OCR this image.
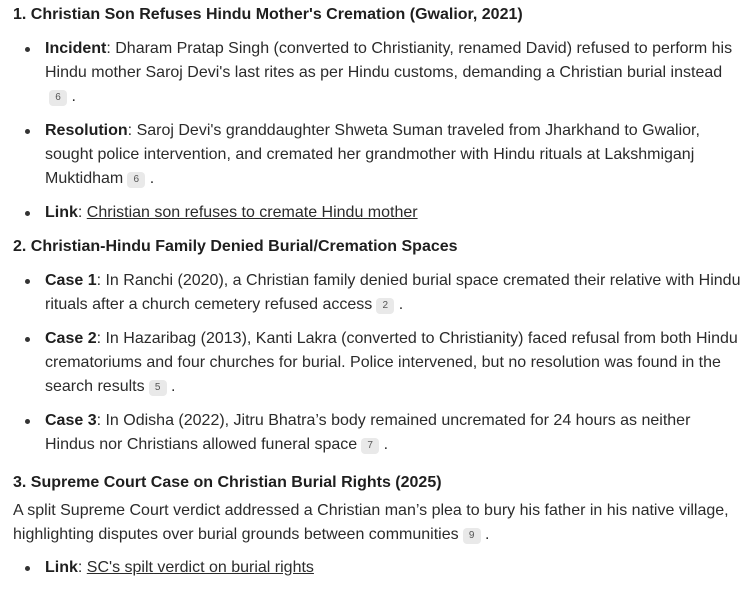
1. Christian Son Refuses Hindu Mother's Cremation (Gwalior, 2021)
Incident: Dharam Pratap Singh (converted to Christianity, renamed David) refused to perform his Hindu mother Saroj Devi's last rites as per Hindu customs, demanding a Christian burial instead6 .
Resolution: Saroj Devi's granddaughter Shweta Suman traveled from Jharkhand to Gwalior, sought police intervention, and cremated her grandmother with Hindu rituals at Lakshmiganj Muktidham 6 .
Link: Christian son refuses to cremate Hindu mother
2. Christian-Hindu Family Denied Burial/Cremation Spaces
Case 1: In Ranchi (2020), a Christian family denied burial space cremated their relative with Hindu rituals after a church cemetery refused access 2 .
Case 2: In Hazaribag (2013), Kanti Lakra (converted to Christianity) faced refusal from both Hindu crematoriums and four churches for burial. Police intervened, but no resolution was found in the search results 5 .
Case 3: In Odisha (2022), Jitru Bhatra’s body remained uncremated for 24 hours as neither Hindus nor Christians allowed funeral space 7 .
3. Supreme Court Case on Christian Burial Rights (2025)

A split Supreme Court verdict addressed a Christian man’s plea to bury his father in his native village, highlighting disputes over burial grounds between communities 9 .

Link: SC's spilt verdict on burial rights
